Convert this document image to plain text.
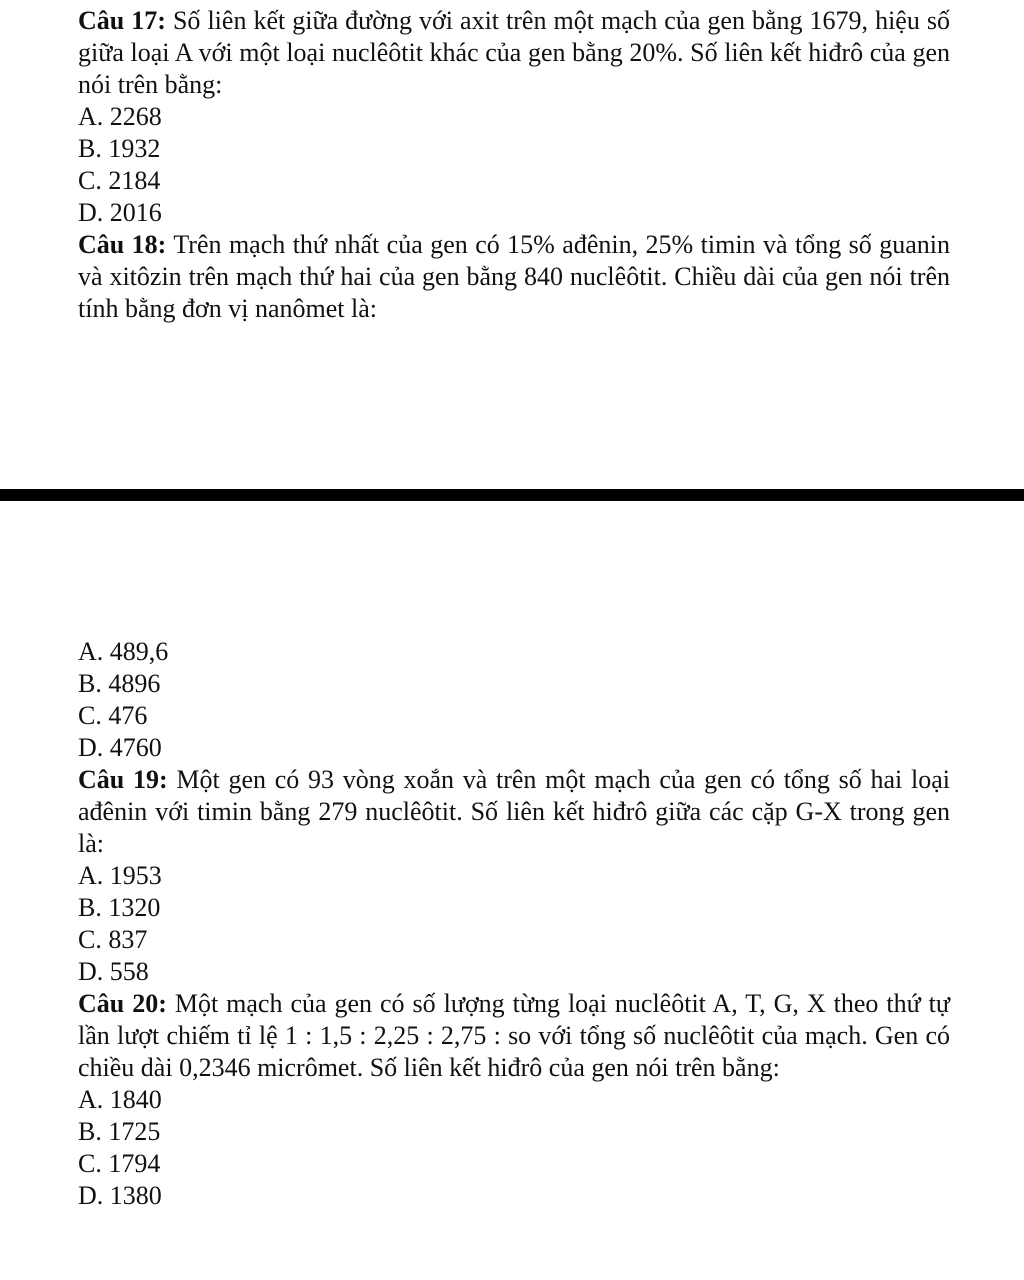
Câu 17: Số liên kết giữa đường với axit trên một mạch của gen bằng 1679, hiệu số giữa loại A với một loại nuclêôtit khác của gen bằng 20%. Số liên kết hiđrô của gen nói trên bằng:

A. 2268
B. 1932
C. 2184
D. 2016

Câu 18: Trên mạch thứ nhất của gen có 15% ađênin, 25% timin và tổng số guanin và xitôzin trên mạch thứ hai của gen bằng 840 nuclêôtit. Chiều dài của gen nói trên tính bằng đơn vị nanômet là:

A. 489,6
B. 4896
C. 476
D. 4760

Câu 19: Một gen có 93 vòng xoắn và trên một mạch của gen có tổng số hai loại ađênin với timin bằng 279 nuclêôtit. Số liên kết hiđrô giữa các cặp G-X trong gen là:

A. 1953
B. 1320
C. 837
D. 558

Câu 20: Một mạch của gen có số lượng từng loại nuclêôtit A, T, G, X theo thứ tự lần lượt chiếm tỉ lệ 1 : 1,5 : 2,25 : 2,75 : so với tổng số nuclêôtit của mạch. Gen có chiều dài 0,2346 micrômet. Số liên kết hiđrô của gen nói trên bằng:

A. 1840
B. 1725
C. 1794
D. 1380
